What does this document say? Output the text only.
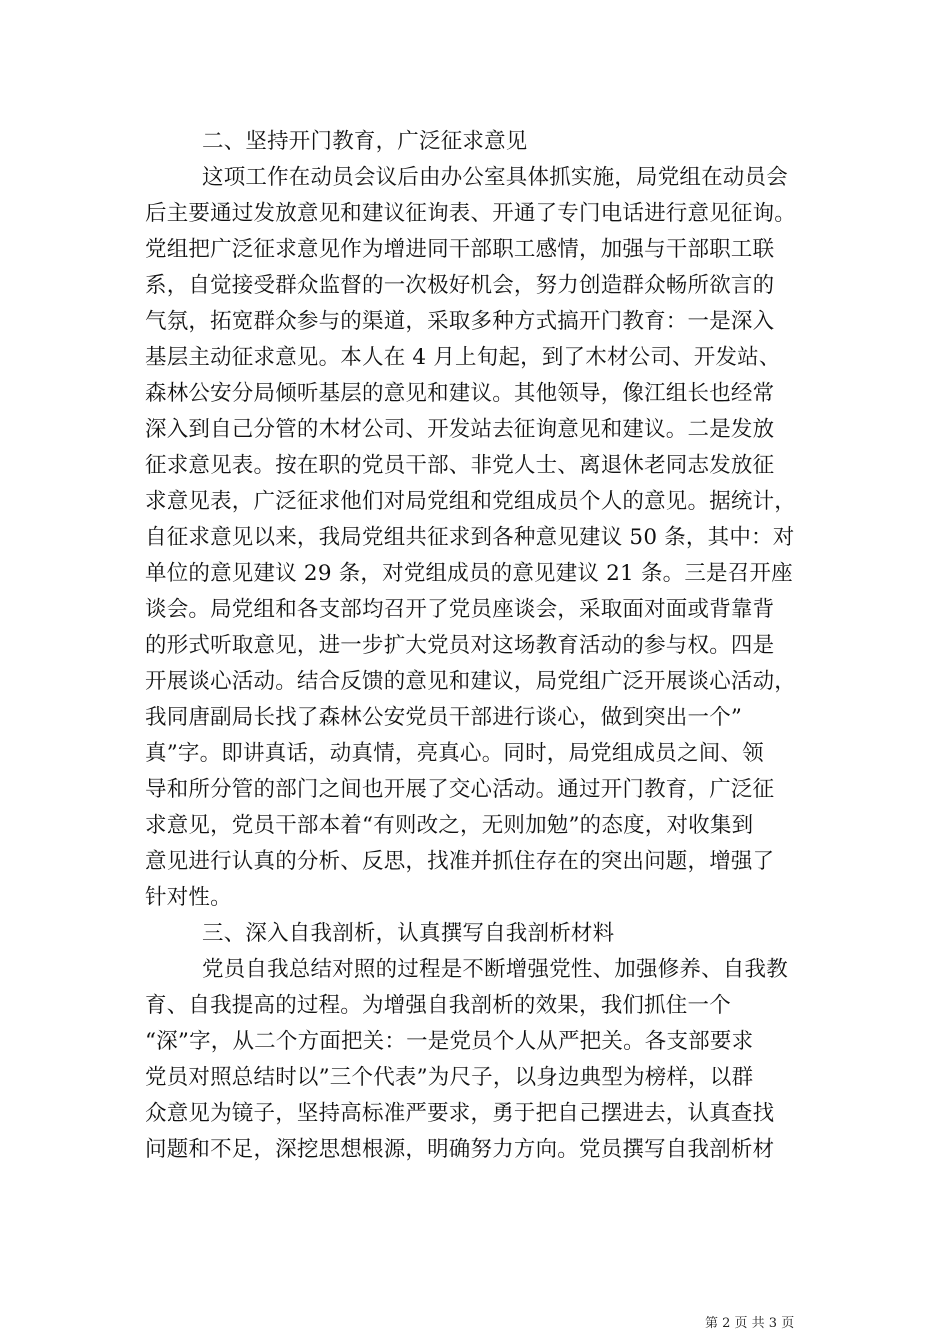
二、坚持开门教育，广泛征求意见
这项工作在动员会议后由办公室具体抓实施，局党组在动员会
后主要通过发放意见和建议征询表、开通了专门电话进行意见征询。
党组把广泛征求意见作为增进同干部职工感情，加强与干部职工联
系，自觉接受群众监督的一次极好机会，努力创造群众畅所欲言的
气氛，拓宽群众参与的渠道，采取多种方式搞开门教育：一是深入
基层主动征求意见。本人在 4 月上旬起，到了木材公司、开发站、
森林公安分局倾听基层的意见和建议。其他领导，像江组长也经常
深入到自己分管的木材公司、开发站去征询意见和建议。二是发放
征求意见表。按在职的党员干部、非党人士、离退休老同志发放征
求意见表，广泛征求他们对局党组和党组成员个人的意见。据统计，
自征求意见以来，我局党组共征求到各种意见建议 50 条，其中：对
单位的意见建议 29 条，对党组成员的意见建议 21 条。三是召开座
谈会。局党组和各支部均召开了党员座谈会，采取面对面或背靠背
的形式听取意见，进一步扩大党员对这场教育活动的参与权。四是
开展谈心活动。结合反馈的意见和建议，局党组广泛开展谈心活动，
我同唐副局长找了森林公安党员干部进行谈心，做到突出一个”
真”字。即讲真话，动真情，亮真心。同时，局党组成员之间、领
导和所分管的部门之间也开展了交心活动。通过开门教育，广泛征
求意见，党员干部本着“有则改之，无则加勉”的态度，对收集到
意见进行认真的分析、反思，找准并抓住存在的突出问题，增强了
针对性。
三、深入自我剖析，认真撰写自我剖析材料
党员自我总结对照的过程是不断增强党性、加强修养、自我教
育、自我提高的过程。为增强自我剖析的效果，我们抓住一个
“深”字，从二个方面把关：一是党员个人从严把关。各支部要求
党员对照总结时以”三个代表”为尺子，以身边典型为榜样，以群
众意见为镜子，坚持高标准严要求，勇于把自己摆进去，认真查找
问题和不足，深挖思想根源，明确努力方向。党员撰写自我剖析材
第 2 页 共 3 页
